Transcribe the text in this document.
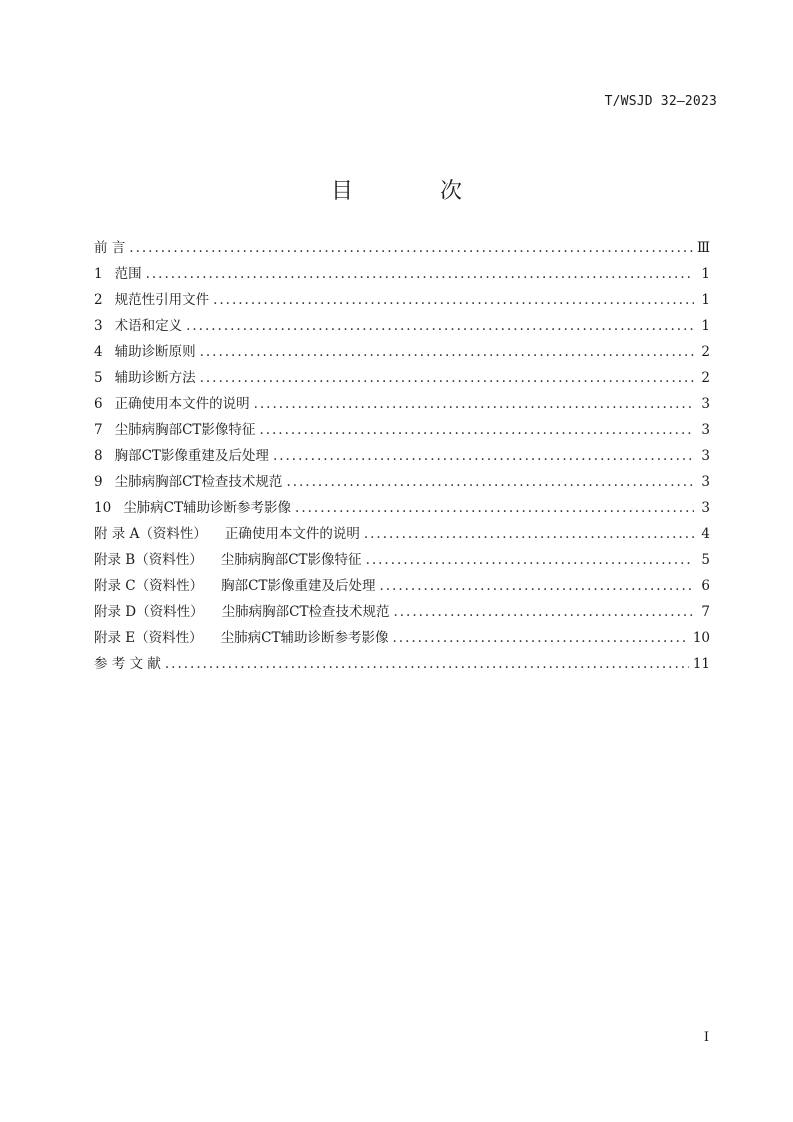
T/WSJD 32—2023
目 次
前 言 .....	Ⅲ
1 范围 .....	1
2 规范性引用文件 .....	1
3 术语和定义 .....	1
4 辅助诊断原则 .....	2
5 辅助诊断方法 .....	2
6 正确使用本文件的说明 .....	3
7 尘肺病胸部CT影像特征 .....	3
8 胸部CT影像重建及后处理 .....	3
9 尘肺病胸部CT检查技术规范 .....	3
10 尘肺病CT辅助诊断参考影像 .....	3
附 录 A（资料性） 正确使用本文件的说明 .....	4
附录 B（资料性） 尘肺病胸部CT影像特征 .....	5
附录 C（资料性） 胸部CT影像重建及后处理 .....	6
附录 D（资料性） 尘肺病胸部CT检查技术规范 .....	7
附录 E（资料性） 尘肺病CT辅助诊断参考影像 .....	10
参 考 文 献 .....	11
I
